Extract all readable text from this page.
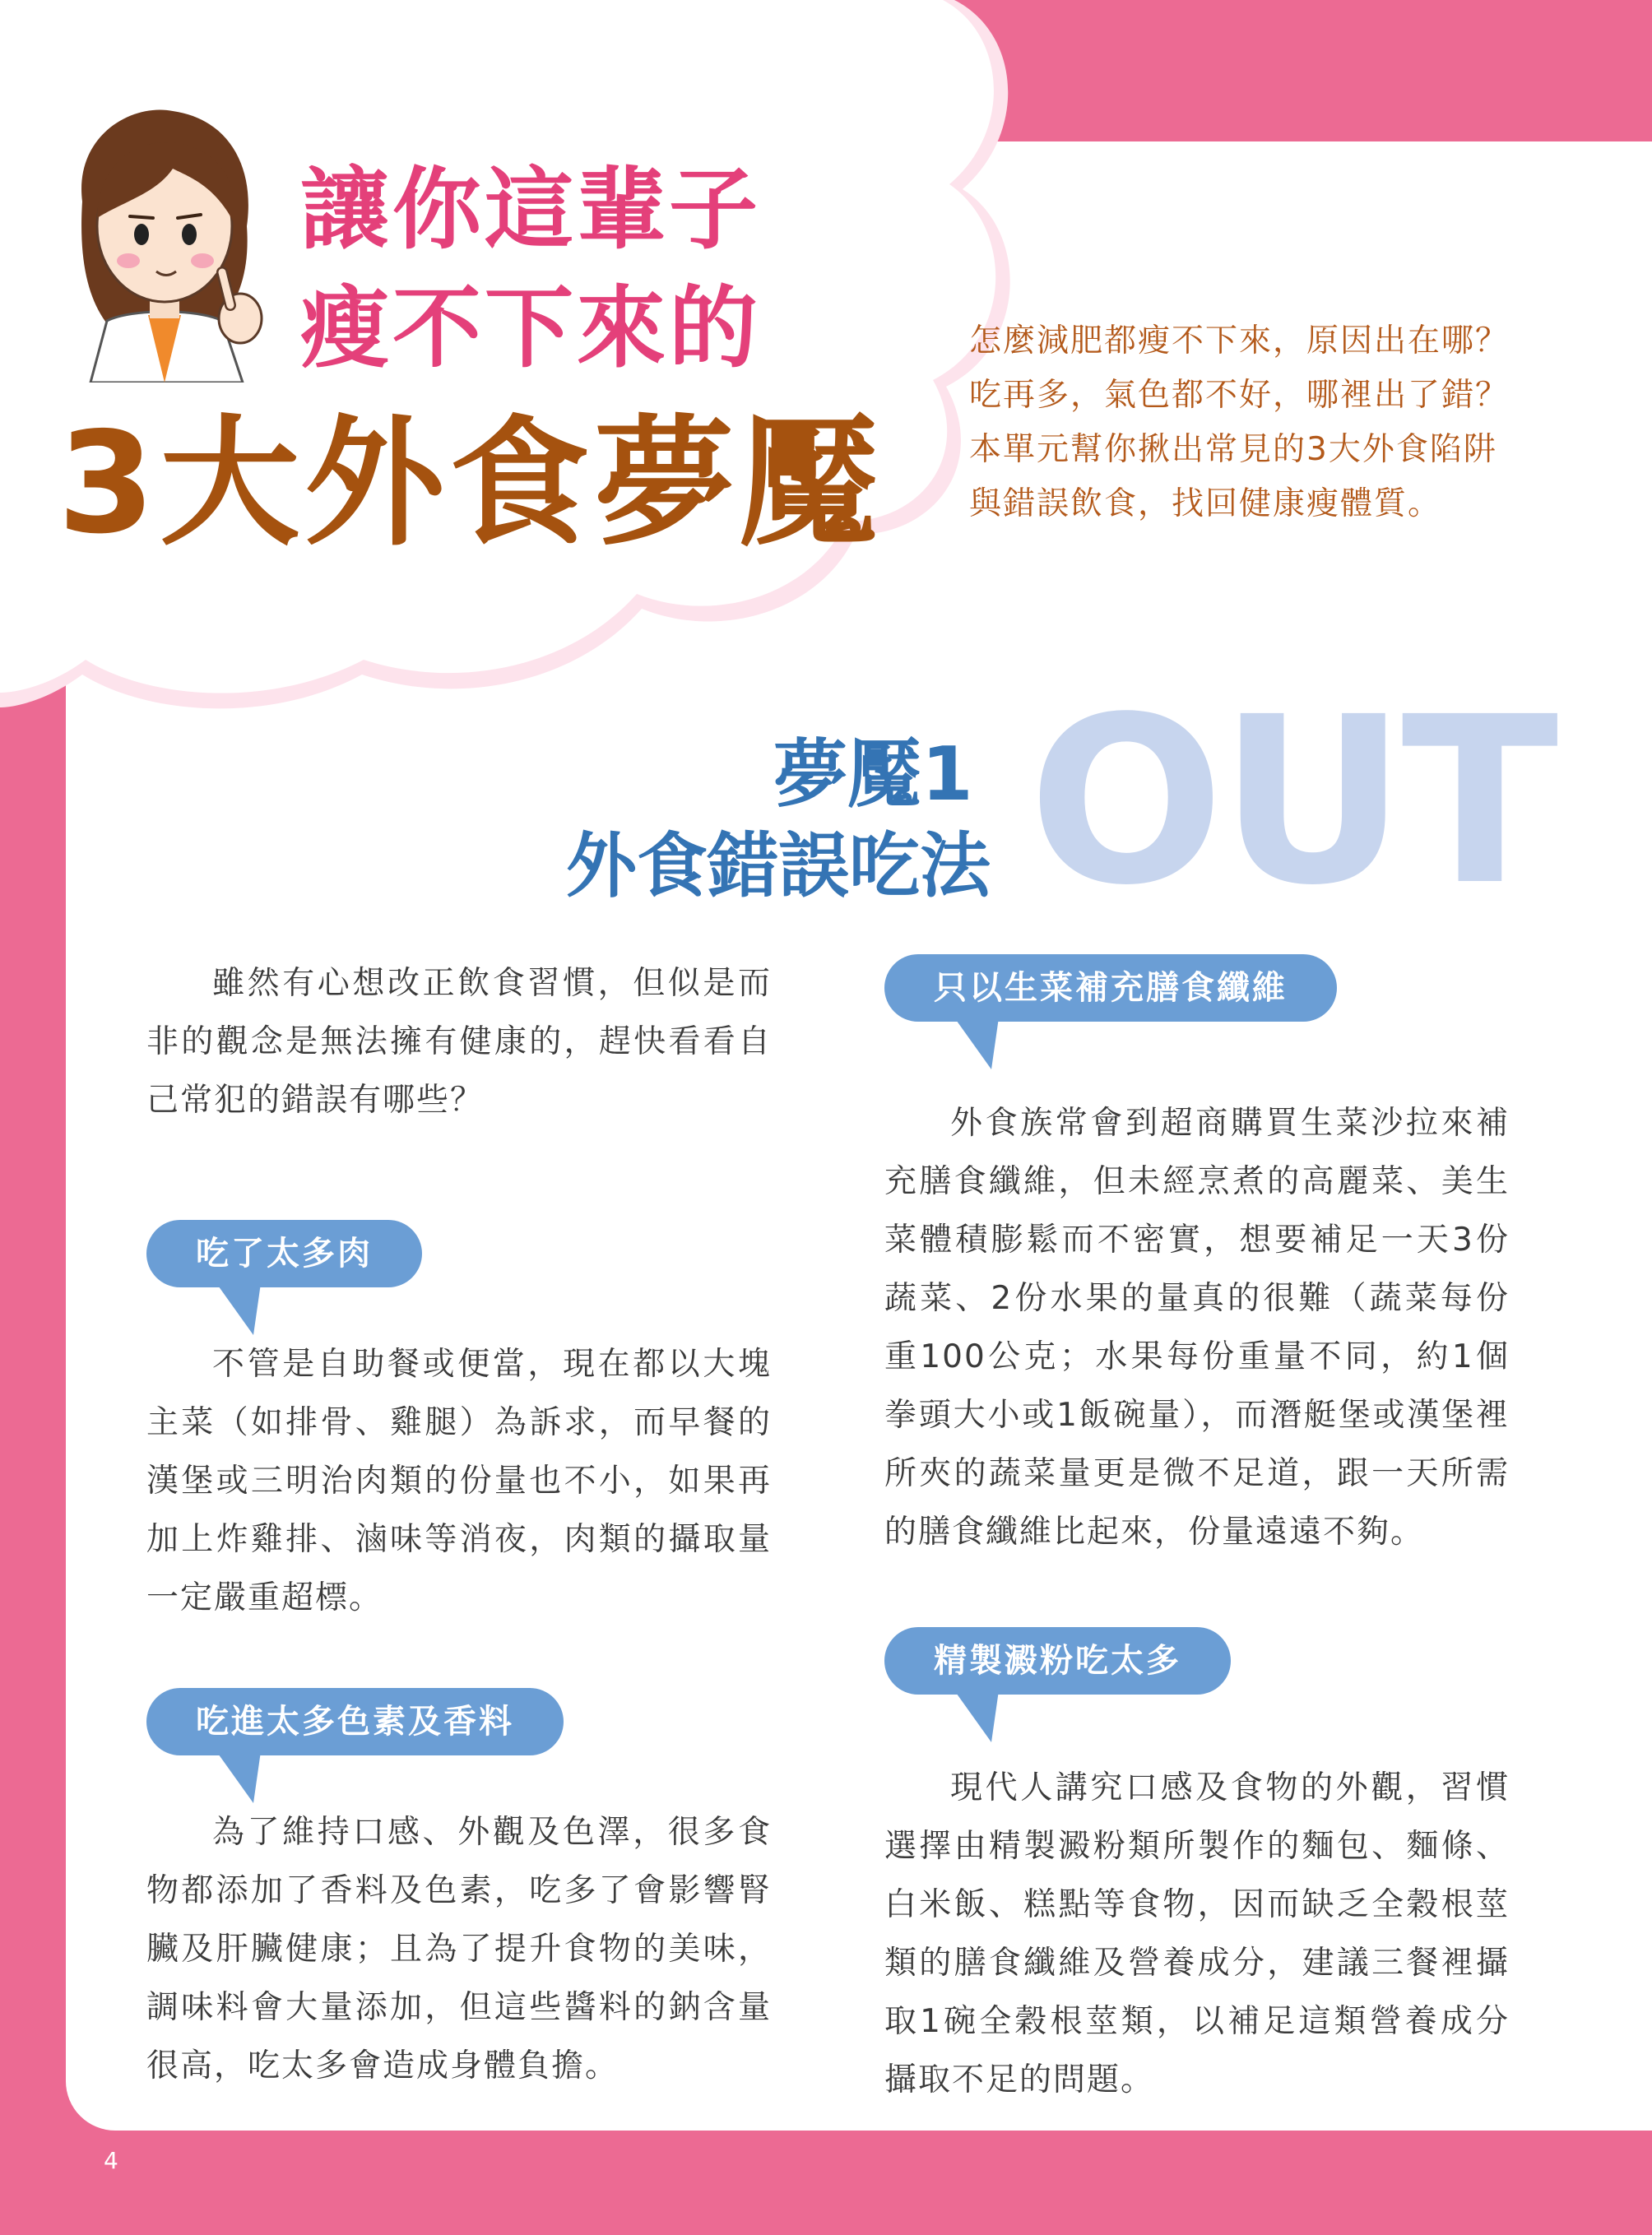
讓你這輩子
瘦不下來的
3大外食夢魘
怎麼減肥都瘦不下來，原因出在哪？吃再多，氣色都不好，哪裡出了錯？本單元幫你揪出常見的3大外食陷阱與錯誤飲食，找回健康瘦體質。
OUT
夢魘1
外食錯誤吃法

雖然有心想改正飲食習慣，但似是而非的觀念是無法擁有健康的，趕快看看自己常犯的錯誤有哪些？

吃了太多肉

不管是自助餐或便當，現在都以大塊主菜（如排骨、雞腿）為訴求，而早餐的漢堡或三明治肉類的份量也不小，如果再加上炸雞排、滷味等消夜，肉類的攝取量一定嚴重超標。

吃進太多色素及香料

為了維持口感、外觀及色澤，很多食物都添加了香料及色素，吃多了會影響腎臟及肝臟健康；且為了提升食物的美味，調味料會大量添加，但這些醬料的鈉含量很高，吃太多會造成身體負擔。

只以生菜補充膳食纖維

外食族常會到超商購買生菜沙拉來補充膳食纖維，但未經烹煮的高麗菜、美生菜體積膨鬆而不密實，想要補足一天3份蔬菜、2份水果的量真的很難（蔬菜每份重100公克；水果每份重量不同，約1個拳頭大小或1飯碗量），而潛艇堡或漢堡裡所夾的蔬菜量更是微不足道，跟一天所需的膳食纖維比起來，份量遠遠不夠。

精製澱粉吃太多

現代人講究口感及食物的外觀，習慣選擇由精製澱粉類所製作的麵包、麵條、白米飯、糕點等食物，因而缺乏全穀根莖類的膳食纖維及營養成分，建議三餐裡攝取1碗全穀根莖類，以補足這類營養成分攝取不足的問題。

4
